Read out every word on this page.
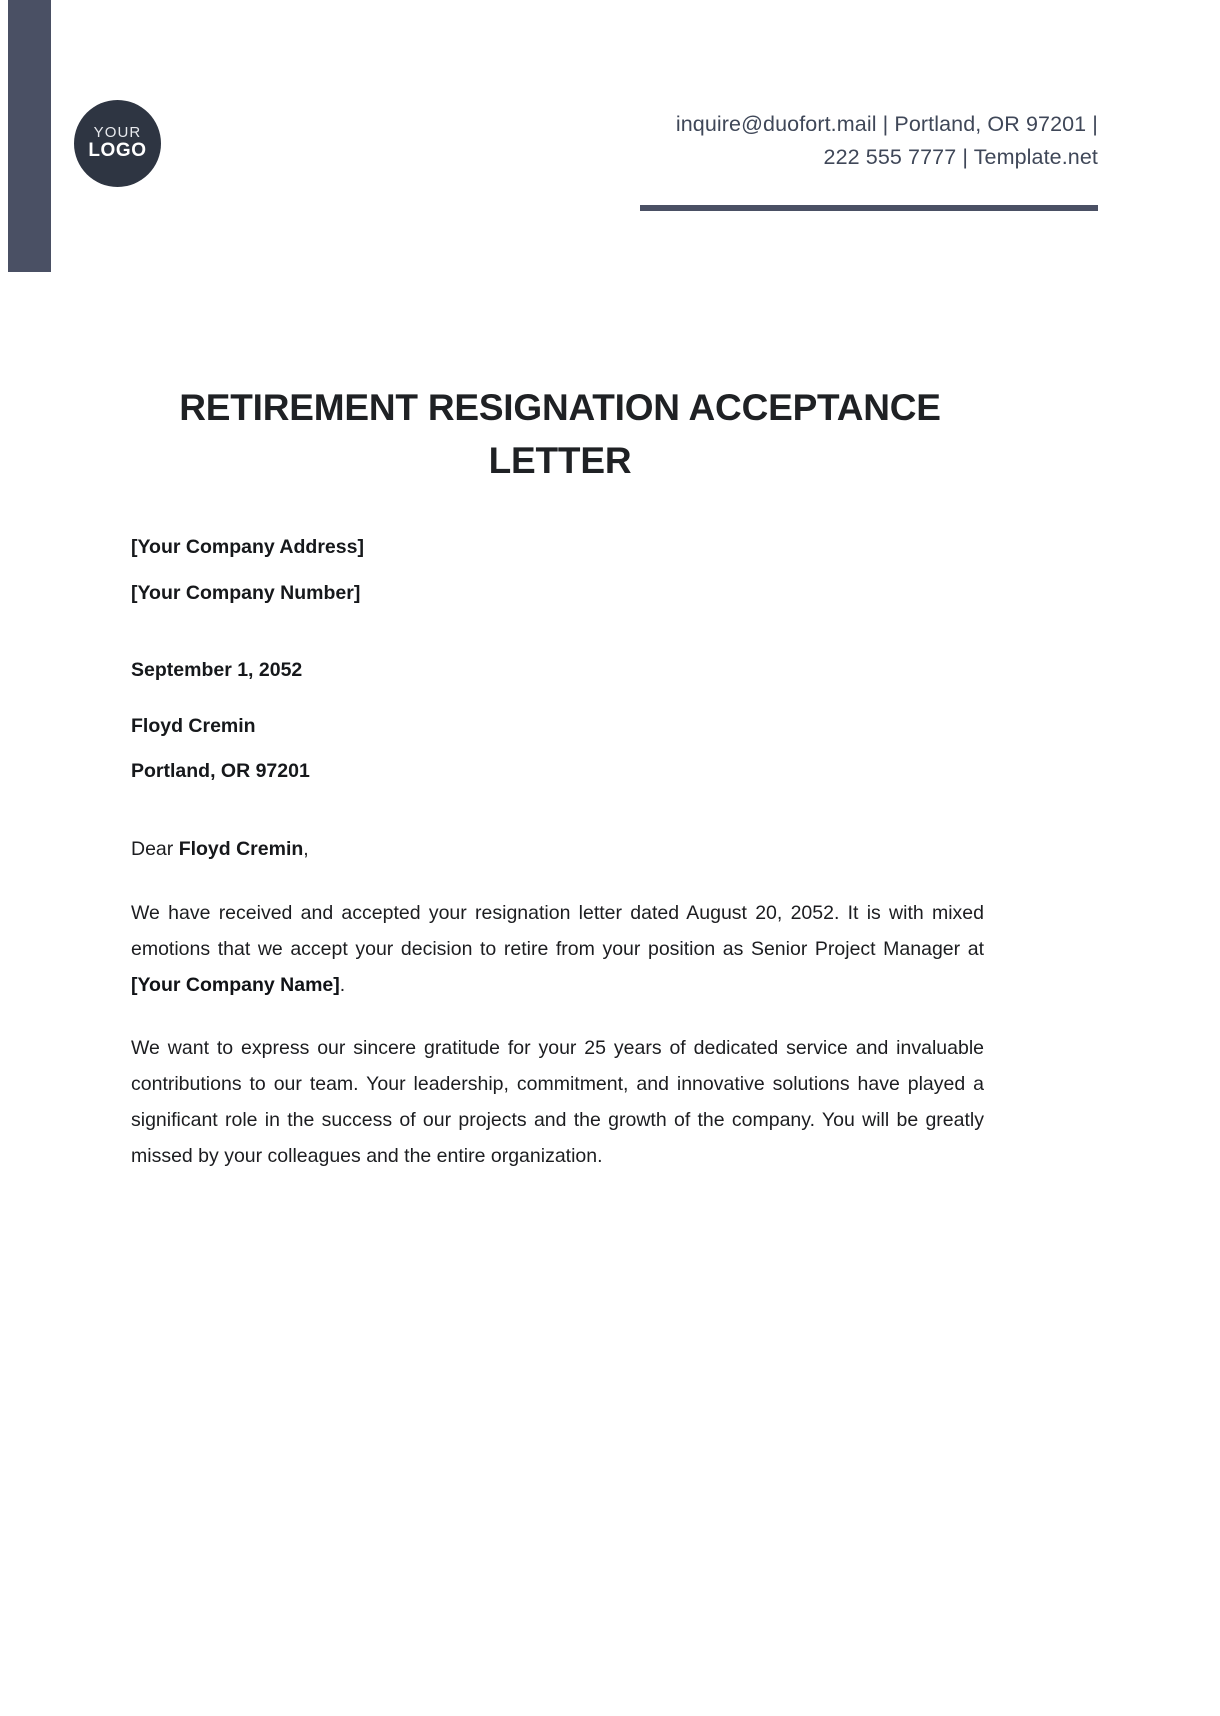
YOUR
LOGO
inquire@duofort.mail | Portland, OR 97201 |
222 555 7777 | Template.net
RETIREMENT RESIGNATION ACCEPTANCE LETTER
[Your Company Address]
[Your Company Number]
September 1, 2052
Floyd Cremin
Portland, OR 97201
Dear Floyd Cremin,

We have received and accepted your resignation letter dated August 20, 2052. It is with mixed emotions that we accept your decision to retire from your position as Senior Project Manager at [Your Company Name].

We want to express our sincere gratitude for your 25 years of dedicated service and invaluable contributions to our team. Your leadership, commitment, and innovative solutions have played a significant role in the success of our projects and the growth of the company. You will be greatly missed by your colleagues and the entire organization.
